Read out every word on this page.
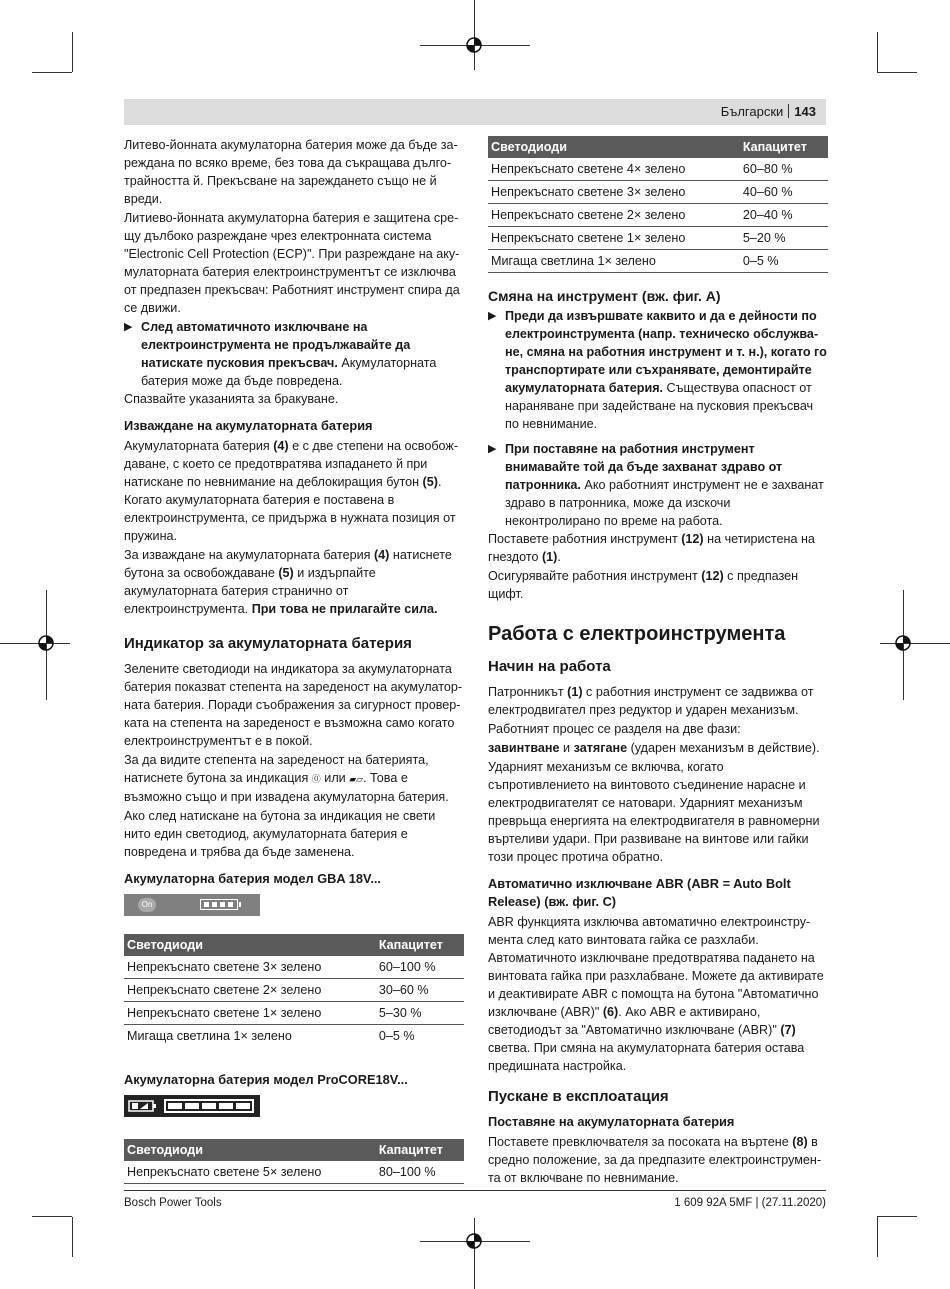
Български 143

Литево-йонната акумулаторна батерия може да бъде зареждана по всяко време, без това да съкращава дълготрайността й. Прекъсване на зареждането също не й вреди.

Литиево-йонната акумулаторна батерия е защитена срещу дълбоко разреждане чрез електронната система "Electronic Cell Protection (ECP)". При разреждане на акумулаторната батерия електроинструментът се изключва от предпазен прекъсвач: Работният инструмент спира да се движи.

▶ След автоматичното изключване на електроинструмента не продължавайте да натискате пусковия прекъсвач. Акумулаторната батерия може да бъде повредена.

Спазвайте указанията за бракуване.

Изваждане на акумулаторната батерия

Акумулаторната батерия (4) е с две степени на освобождаване, с което се предотвратява изпадането й при натискане по невнимание на деблокиращия бутон (5). Когато акумулаторната батерия е поставена в електроинструмента, се придържа в нужната позиция от пружина.

За изваждане на акумулаторната батерия (4) натиснете бутона за освобождаване (5) и издърпайте акумулаторната батерия странично от електроинструмента. При това не прилагайте сила.

Индикатор за акумулаторната батерия

Зелените светодиоди на индикатора за акумулаторната батерия показват степента на зареденост на акумулаторната батерия. Поради съображения за сигурност проверката на степента на зареденост е възможна само когато електроинструментът е в покой.

За да видите степента на зареденост на батерията, натиснете бутона за индикация ⓪ или ▰▱. Това е възможно също и при извадена акумулаторна батерия.

Ако след натискане на бутона за индикация не свети нито един светодиод, акумулаторната батерия е повредена и трябва да бъде заменена.

Акумулаторна батерия модел GBA 18V...
On
Светодиоди	Капацитет
Непрекъснато светене 3× зелено	60–100 %
Непрекъснато светене 2× зелено	30–60 %
Непрекъснато светене 1× зелено	5–30 %
Мигаща светлина 1× зелено	0–5 %
Акумулаторна батерия модел ProCORE18V...
Светодиоди	Капацитет
Непрекъснато светене 5× зелено	80–100 %
Светодиоди	Капацитет
Непрекъснато светене 4× зелено	60–80 %
Непрекъснато светене 3× зелено	40–60 %
Непрекъснато светене 2× зелено	20–40 %
Непрекъснато светене 1× зелено	5–20 %
Мигаща светлина 1× зелено	0–5 %
Смяна на инструмент (вж. фиг. A)
▶ Преди да извършвате каквито и да е дейности по електроинструмента (напр. техническо обслужване, смяна на работния инструмент и т. н.), когато го транспортирате или съхранявате, демонтирайте акумулаторната батерия. Съществува опасност от нараняване при задействане на пусковия прекъсвач по невнимание.
▶ При поставяне на работния инструмент внимавайте той да бъде захванат здраво от патронника. Ако работният инструмент не е захванат здраво в патронника, може да изскочи неконтролирано по време на работа.

Поставете работния инструмент (12) на четиристена на гнездото (1).

Осигурявайте работния инструмент (12) с предпазен щифт.

Работа с електроинструмента
Начин на работа

Патронникът (1) с работния инструмент се задвижва от електродвигател през редуктор и ударен механизъм.

Работният процес се разделя на две фази:

завинтване и затягане (ударен механизъм в действие).

Ударният механизъм се включва, когато съпротивлението на винтовото съединение нарасне и електродвигателят се натовари. Ударният механизъм преврьща енергията на електродвигателя в равномерни въртеливи удари. При развиване на винтове или гайки този процес протича обратно.

Автоматично изключване ABR (ABR = Auto Bolt Release) (вж. фиг. C)

ABR функцията изключва автоматично електроинструмента след като винтовата гайка се разхлаби. Автоматичното изключване предотвратява падането на винтовата гайка при разхлабване. Можете да активирате и деактивирате ABR с помощта на бутона "Автоматично изключване (ABR)" (6). Ако ABR е активирано, светодиодът за "Автоматично изключване (ABR)" (7) светва. При смяна на акумулаторната батерия остава предишната настройка.

Пускане в експлоатация
Поставяне на акумулаторната батерия

Поставете превключвателя за посоката на въртене (8) в средно положение, за да предпазите електроинструмента от включване по невнимание.

Bosch Power Tools	1 609 92A 5MF | (27.11.2020)
